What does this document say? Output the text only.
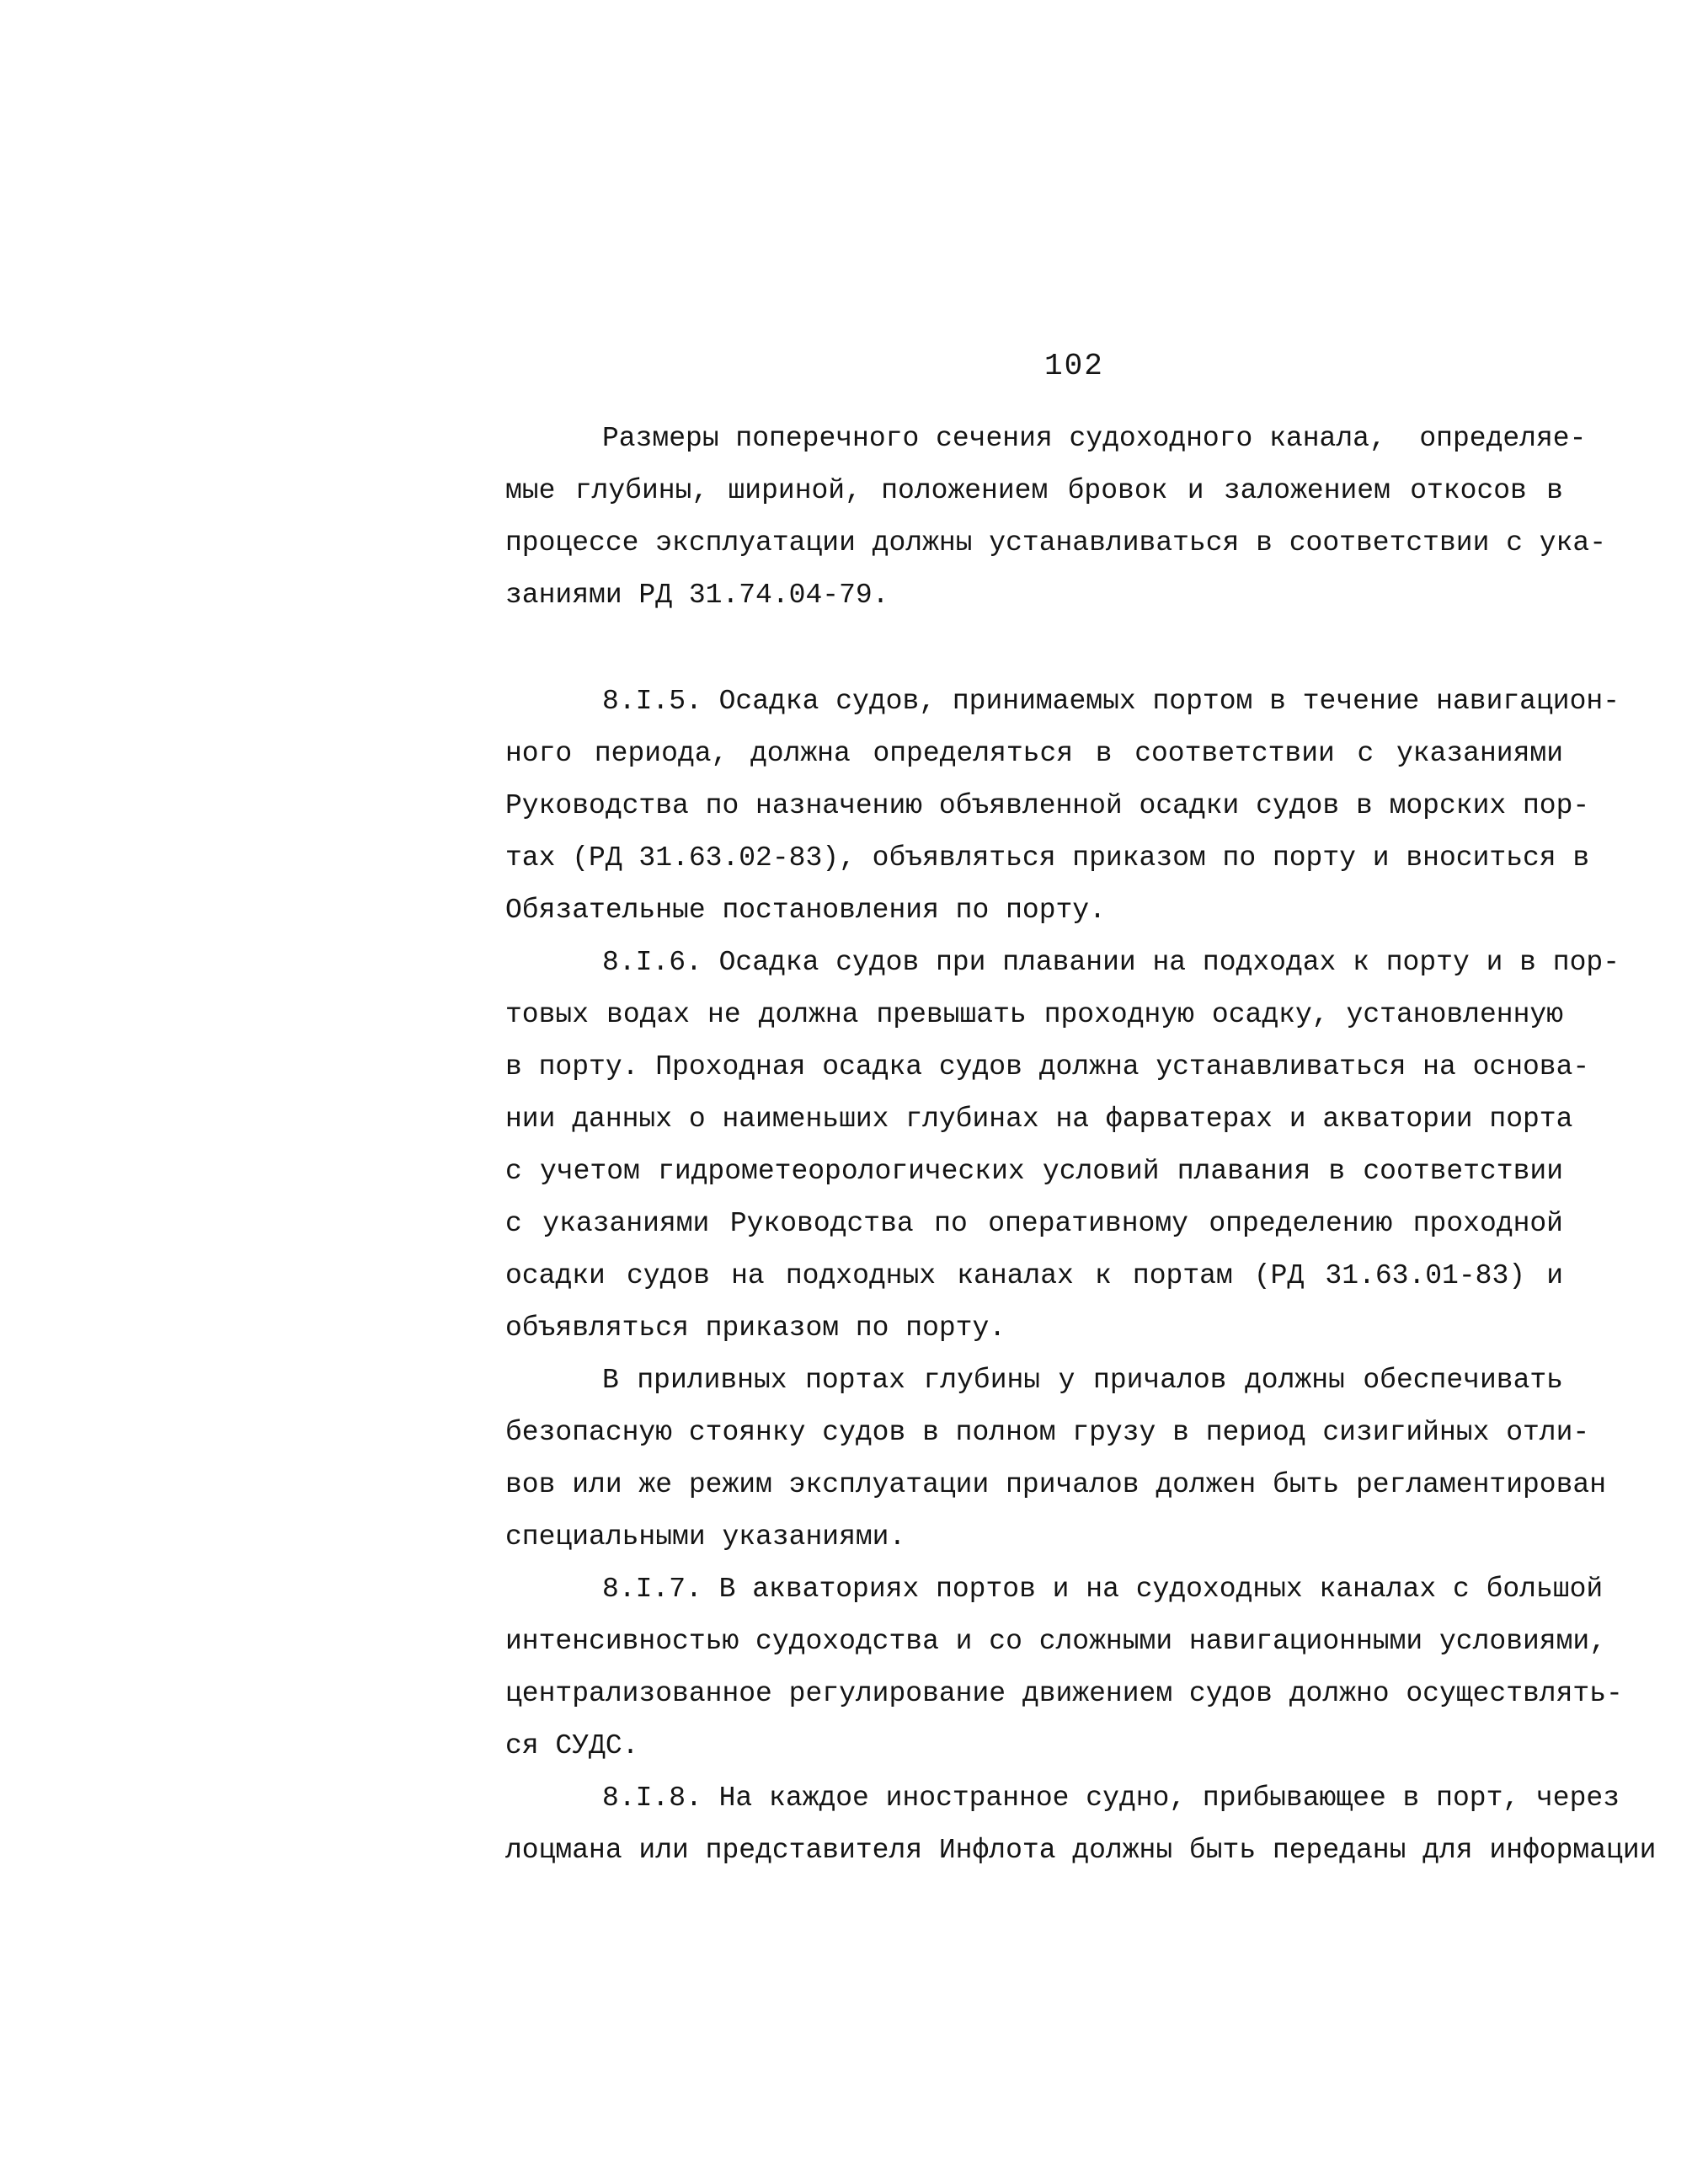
102
Размеры поперечного сечения судоходного канала,  определяе-
мые глубины, шириной, положением бровок и заложением откосов в
процессе эксплуатации должны устанавливаться в соответствии с ука-
заниями РД 31.74.04-79.
8.I.5. Осадка судов, принимаемых портом в течение навигацион-
ного периода, должна определяться в соответствии с указаниями
Руководства по назначению объявленной осадки судов в морских пор-
тах (РД 31.63.02-83), объявляться приказом по порту и вноситься в
Обязательные постановления по порту.
8.I.6. Осадка судов при плавании на подходах к порту и в пор-
товых водах не должна превышать проходную осадку, установленную
в порту. Проходная осадка судов должна устанавливаться на основа-
нии данных о наименьших глубинах на фарватерах и акватории порта
с учетом гидрометеорологических условий плавания в соответствии
с указаниями Руководства по оперативному определению проходной
осадки судов на подходных каналах к портам (РД 31.63.01-83) и
объявляться приказом по порту.
В приливных портах глубины у причалов должны обеспечивать
безопасную стоянку судов в полном грузу в период сизигийных отли-
вов или же режим эксплуатации причалов должен быть регламентирован
специальными указаниями.
8.I.7. В акваториях портов и на судоходных каналах с большой
интенсивностью судоходства и со сложными навигационными условиями,
централизованное регулирование движением судов должно осуществлять-
ся СУДС.
8.I.8. На каждое иностранное судно, прибывающее в порт, через
лоцмана или представителя Инфлота должны быть переданы для информации
